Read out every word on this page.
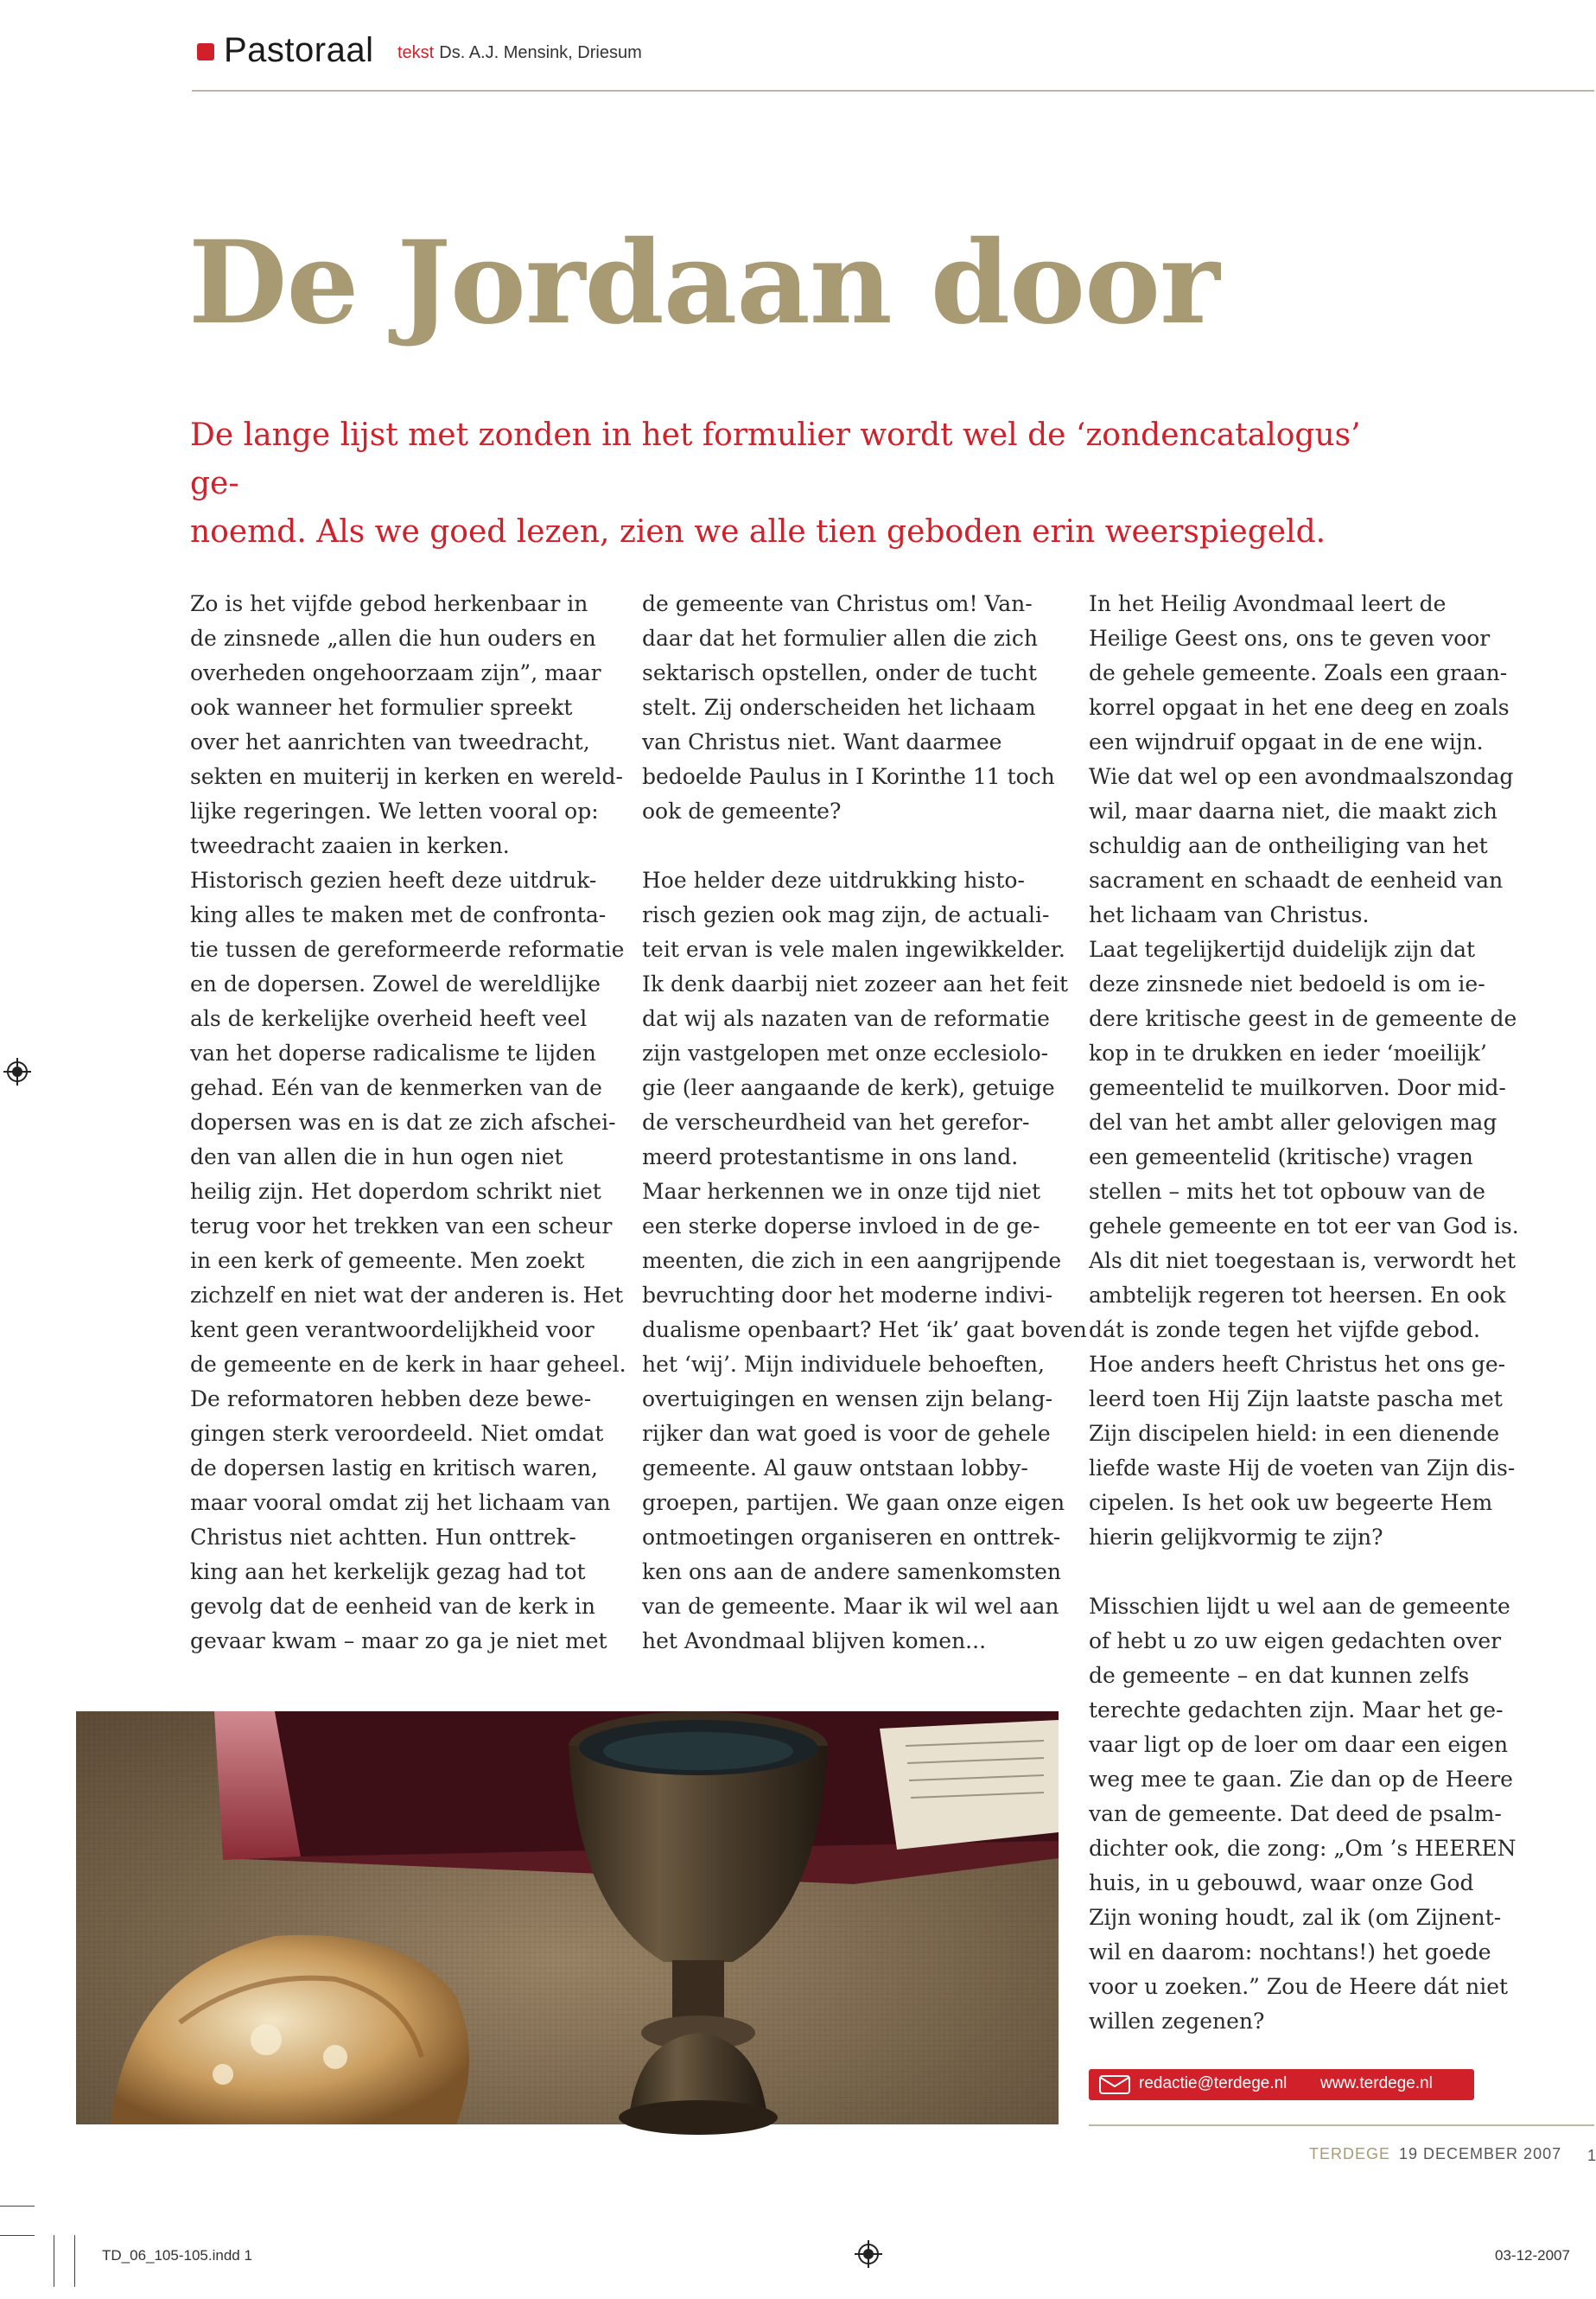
Pastoraal tekst Ds. A.J. Mensink, Driesum
De Jordaan door
De lange lijst met zonden in het formulier wordt wel de ‘zondencatalogus’ ge-
noemd. Als we goed lezen, zien we alle tien geboden erin weerspiegeld.
Zo is het vijfde gebod herkenbaar in
de zinsnede „allen die hun ouders en
overheden ongehoorzaam zijn”, maar
ook wanneer het formulier spreekt
over het aanrichten van tweedracht,
sekten en muiterij in kerken en wereld-
lijke regeringen. We letten vooral op:
tweedracht zaaien in kerken.
Historisch gezien heeft deze uitdruk-
king alles te maken met de confronta-
tie tussen de gereformeerde reformatie
en de dopersen. Zowel de wereldlijke
als de kerkelijke overheid heeft veel
van het doperse radicalisme te lijden
gehad. Eén van de kenmerken van de
dopersen was en is dat ze zich afschei-
den van allen die in hun ogen niet
heilig zijn. Het doperdom schrikt niet
terug voor het trekken van een scheur
in een kerk of gemeente. Men zoekt
zichzelf en niet wat der anderen is. Het
kent geen verantwoordelijkheid voor
de gemeente en de kerk in haar geheel.
De reformatoren hebben deze bewe-
gingen sterk veroordeeld. Niet omdat
de dopersen lastig en kritisch waren,
maar vooral omdat zij het lichaam van
Christus niet achtten. Hun onttrek-
king aan het kerkelijk gezag had tot
gevolg dat de eenheid van de kerk in
gevaar kwam – maar zo ga je niet met
de gemeente van Christus om! Van-
daar dat het formulier allen die zich
sektarisch opstellen, onder de tucht
stelt. Zij onderscheiden het lichaam
van Christus niet. Want daarmee
bedoelde Paulus in I Korinthe 11 toch
ook de gemeente?
Hoe helder deze uitdrukking histo-
risch gezien ook mag zijn, de actuali-
teit ervan is vele malen ingewikkelder.
Ik denk daarbij niet zozeer aan het feit
dat wij als nazaten van de reformatie
zijn vastgelopen met onze ecclesiolo-
gie (leer aangaande de kerk), getuige
de verscheurdheid van het gerefor-
meerd protestantisme in ons land.
Maar herkennen we in onze tijd niet
een sterke doperse invloed in de ge-
meenten, die zich in een aangrijpende
bevruchting door het moderne indivi-
dualisme openbaart? Het ‘ik’ gaat boven
het ‘wij’. Mijn individuele behoeften,
overtuigingen en wensen zijn belang-
rijker dan wat goed is voor de gehele
gemeente. Al gauw ontstaan lobby-
groepen, partijen. We gaan onze eigen
ontmoetingen organiseren en onttrek-
ken ons aan de andere samenkomsten
van de gemeente. Maar ik wil wel aan
het Avondmaal blijven komen...
In het Heilig Avondmaal leert de
Heilige Geest ons, ons te geven voor
de gehele gemeente. Zoals een graan-
korrel opgaat in het ene deeg en zoals
een wijndruif opgaat in de ene wijn.
Wie dat wel op een avondmaalszondag
wil, maar daarna niet, die maakt zich
schuldig aan de ontheiliging van het
sacrament en schaadt de eenheid van
het lichaam van Christus.
Laat tegelijkertijd duidelijk zijn dat
deze zinsnede niet bedoeld is om ie-
dere kritische geest in de gemeente de
kop in te drukken en ieder ‘moeilijk’
gemeentelid te muilkorven. Door mid-
del van het ambt aller gelovigen mag
een gemeentelid (kritische) vragen
stellen – mits het tot opbouw van de
gehele gemeente en tot eer van God is.
Als dit niet toegestaan is, verwordt het
ambtelijk regeren tot heersen. En ook
dát is zonde tegen het vijfde gebod.
Hoe anders heeft Christus het ons ge-
leerd toen Hij Zijn laatste pascha met
Zijn discipelen hield: in een dienende
liefde waste Hij de voeten van Zijn dis-
cipelen. Is het ook uw begeerte Hem
hierin gelijkvormig te zijn?
Misschien lijdt u wel aan de gemeente
of hebt u zo uw eigen gedachten over
de gemeente – en dat kunnen zelfs
terechte gedachten zijn. Maar het ge-
vaar ligt op de loer om daar een eigen
weg mee te gaan. Zie dan op de Heere
van de gemeente. Dat deed de psalm-
dichter ook, die zong: „Om ’s HEEREN
huis, in u gebouwd, waar onze God
Zijn woning houdt, zal ik (om Zijnent-
wil en daarom: nochtans!) het goede
voor u zoeken.” Zou de Heere dát niet
willen zegenen?
redactie@terdege.nl www.terdege.nl
TERDEGE 19 DECEMBER 2007 1
TD_06_105-105.indd 1	03-12-2007
